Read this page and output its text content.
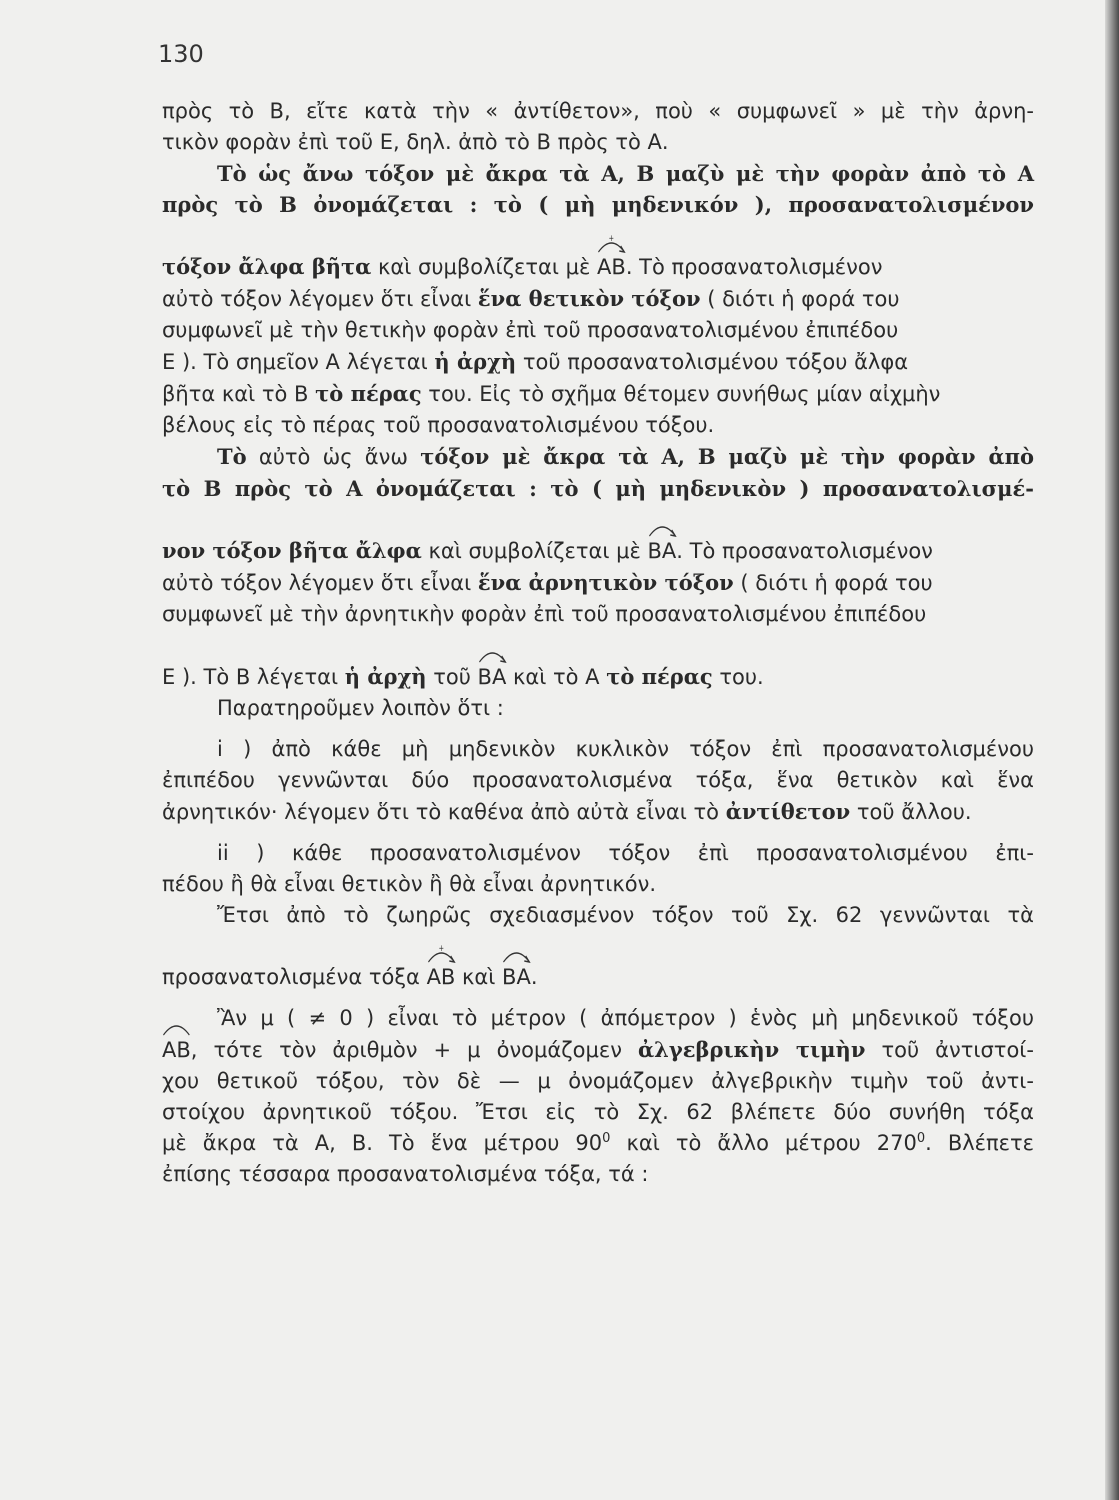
130
πρὸς τὸ Β, εἴτε κατὰ τὴν « ἀντίθετον», ποὺ « συμφωνεῖ » μὲ τὴν ἀρνη-
τικὸν φορὰν ἐπὶ τοῦ Ε, δηλ. ἀπὸ τὸ Β πρὸς τὸ Α.
Τὸ ὡς ἄνω τόξον μὲ ἄκρα τὰ Α, Β μαζὺ μὲ τὴν φορὰν ἀπὸ τὸ Α
πρὸς τὸ Β ὀνομάζεται : τὸ ( μὴ μηδενικόν ), προσανατολισμένον
τόξον ἄλφα βῆτα καὶ συμβολίζεται μὲ
+
ΑΒ. Τὸ προσανατολισμένον
αὐτὸ τόξον λέγομεν ὅτι εἶναι ἕνα θετικὸν τόξον ( διότι ἡ φορά του
συμφωνεῖ μὲ τὴν θετικὴν φορὰν ἐπὶ τοῦ προσανατολισμένου ἐπιπέδου
Ε ). Τὸ σημεῖον Α λέγεται ἡ ἀρχὴ τοῦ προσανατολισμένου τόξου ἄλφα
βῆτα καὶ τὸ Β τὸ πέρας του. Εἰς τὸ σχῆμα θέτομεν συνήθως μίαν αἰχμὴν
βέλους εἰς τὸ πέρας τοῦ προσανατολισμένου τόξου.
Τὸ αὐτὸ ὡς ἄνω τόξον μὲ ἄκρα τὰ Α, Β μαζὺ μὲ τὴν φορὰν ἀπὸ
τὸ Β πρὸς τὸ Α ὀνομάζεται : τὸ ( μὴ μηδενικὸν ) προσανατολισμέ-
νον τόξον βῆτα ἄλφα καὶ συμβολίζεται μὲ
ΒΑ. Τὸ προσανατολισμένον
αὐτὸ τόξον λέγομεν ὅτι εἶναι ἕνα ἀρνητικὸν τόξον ( διότι ἡ φορά του
συμφωνεῖ μὲ τὴν ἀρνητικὴν φορὰν ἐπὶ τοῦ προσανατολισμένου ἐπιπέδου
Ε ). Τὸ Β λέγεται ἡ ἀρχὴ τοῦ
ΒΑ καὶ τὸ Α τὸ πέρας του.
Παρατηροῦμεν λοιπὸν ὅτι :
i ) ἀπὸ κάθε μὴ μηδενικὸν κυκλικὸν τόξον ἐπὶ προσανατολισμένου
ἐπιπέδου γεννῶνται δύο προσανατολισμένα τόξα, ἕνα θετικὸν καὶ ἕνα
ἀρνητικόν· λέγομεν ὅτι τὸ καθένα ἀπὸ αὐτὰ εἶναι τὸ ἀντίθετον τοῦ ἄλλου.
ii ) κάθε προσανατολισμένον τόξον ἐπὶ προσανατολισμένου ἐπι-
πέδου ἢ θὰ εἶναι θετικὸν ἢ θὰ εἶναι ἀρνητικόν.
Ἔτσι ἀπὸ τὸ ζωηρῶς σχεδιασμένον τόξον τοῦ Σχ. 62 γεννῶνται τὰ
προσανατολισμένα τόξα
+
ΑΒ καὶ
ΒΑ.
Ἂν μ ( ≠ 0 ) εἶναι τὸ μέτρον ( ἀπόμετρον ) ἑνὸς μὴ μηδενικοῦ τόξου
ΑΒ, τότε τὸν ἀριθμὸν + μ ὀνομάζομεν ἀλγεβρικὴν τιμὴν τοῦ ἀντιστοί-
χου θετικοῦ τόξου, τὸν δὲ — μ ὀνομάζομεν ἀλγεβρικὴν τιμὴν τοῦ ἀντι-
στοίχου ἀρνητικοῦ τόξου. Ἔτσι εἰς τὸ Σχ. 62 βλέπετε δύο συνήθη τόξα
μὲ ἄκρα τὰ Α, Β. Τὸ ἕνα μέτρου $90^0$ καὶ τὸ ἄλλο μέτρου $270^0$. Βλέπετε
ἐπίσης τέσσαρα προσανατολισμένα τόξα, τά :
